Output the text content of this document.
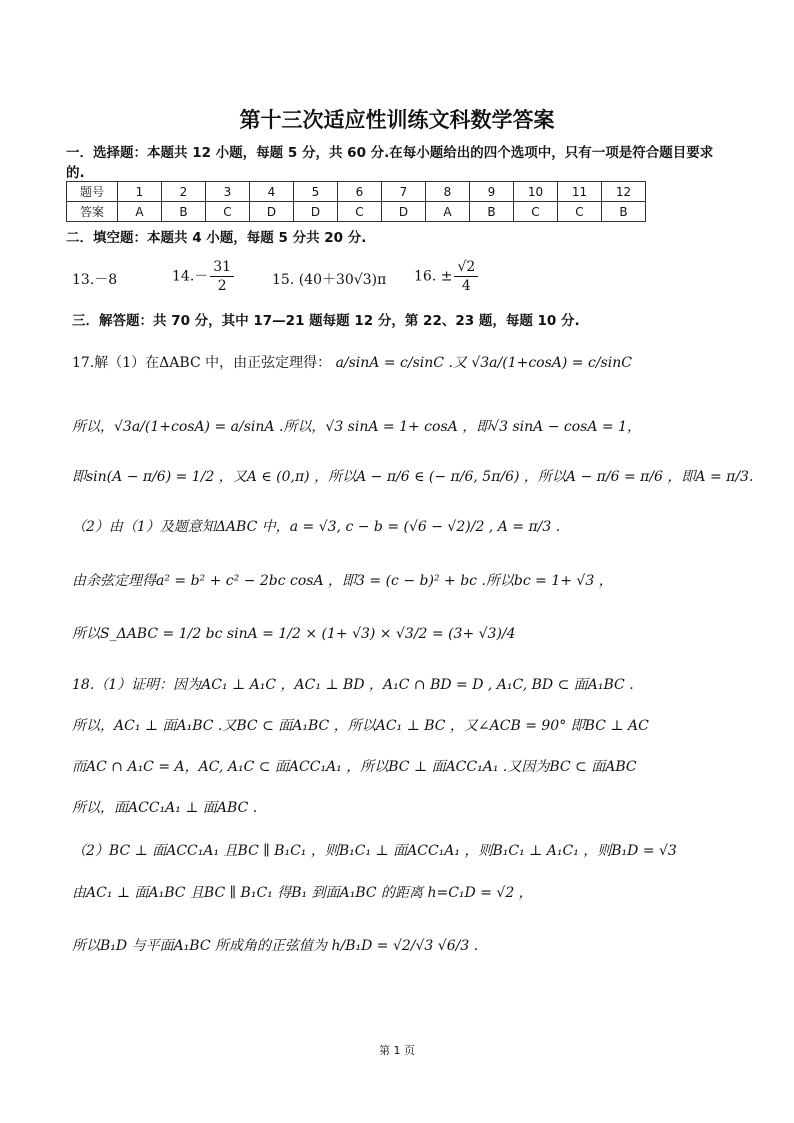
第十三次适应性训练文科数学答案
一．选择题：本题共 12 小题，每题 5 分，共 60 分.在每小题给出的四个选项中，只有一项是符合题目要求
的.
题号	1	2	3	4	5	6	7	8	9	10	11	12
答案	A	B	C	D	D	C	D	A	B	C	C	B
二．填空题：本题共 4 小题，每题 5 分共 20 分.
13.－8	$14.- \frac{31}{2}$	15. (40＋30√3)π 16. ± $\frac{√2}{4}$
三．解答题：共 70 分，其中 17—21 题每题 12 分，第 22、23 题，每题 10 分.
17.解（1）在ΔABC 中，由正弦定理得： a/sinA = c/sinC .又 √3a/(1+cosA) = c/sinC
所以，√3a/(1+cosA) = a/sinA .所以，√3 sinA = 1+ cosA ，即√3 sinA − cosA = 1，
即sin(A − π/6) = 1/2 ，又A ∈ (0,π) ，所以A − π/6 ∈ (− π/6, 5π/6) ，所以A − π/6 = π/6 ，即A = π/3.
（2）由（1）及题意知ΔABC 中，a = √3, c − b = (√6 − √2)/2 , A = π/3 .
由余弦定理得a² = b² + c² − 2bc cosA ，即3 = (c − b)² + bc .所以bc = 1+ √3 ，
所以S_ΔABC = 1/2 bc sinA = 1/2 × (1+ √3) × √3/2 = (3+ √3)/4
18.（1）证明：因为AC₁ ⊥ A₁C ，AC₁ ⊥ BD ，A₁C ∩ BD = D , A₁C, BD ⊂ 面A₁BC .
所以，AC₁ ⊥ 面A₁BC .又BC ⊂ 面A₁BC ，所以AC₁ ⊥ BC ，又∠ACB = 90° 即BC ⊥ AC
而AC ∩ A₁C = A，AC, A₁C ⊂ 面ACC₁A₁ ，所以BC ⊥ 面ACC₁A₁ .又因为BC ⊂ 面ABC
所以，面ACC₁A₁ ⊥ 面ABC .
（2）BC ⊥ 面ACC₁A₁ 且BC ∥ B₁C₁ ，则B₁C₁ ⊥ 面ACC₁A₁ ，则B₁C₁ ⊥ A₁C₁ ，则B₁D = √3
由AC₁ ⊥ 面A₁BC 且BC ∥ B₁C₁ 得B₁ 到面A₁BC 的距离 h=C₁D = √2 ，
所以B₁D 与平面A₁BC 所成角的正弦值为 h/B₁D = √2/√3 √6/3 .
第 1 页
